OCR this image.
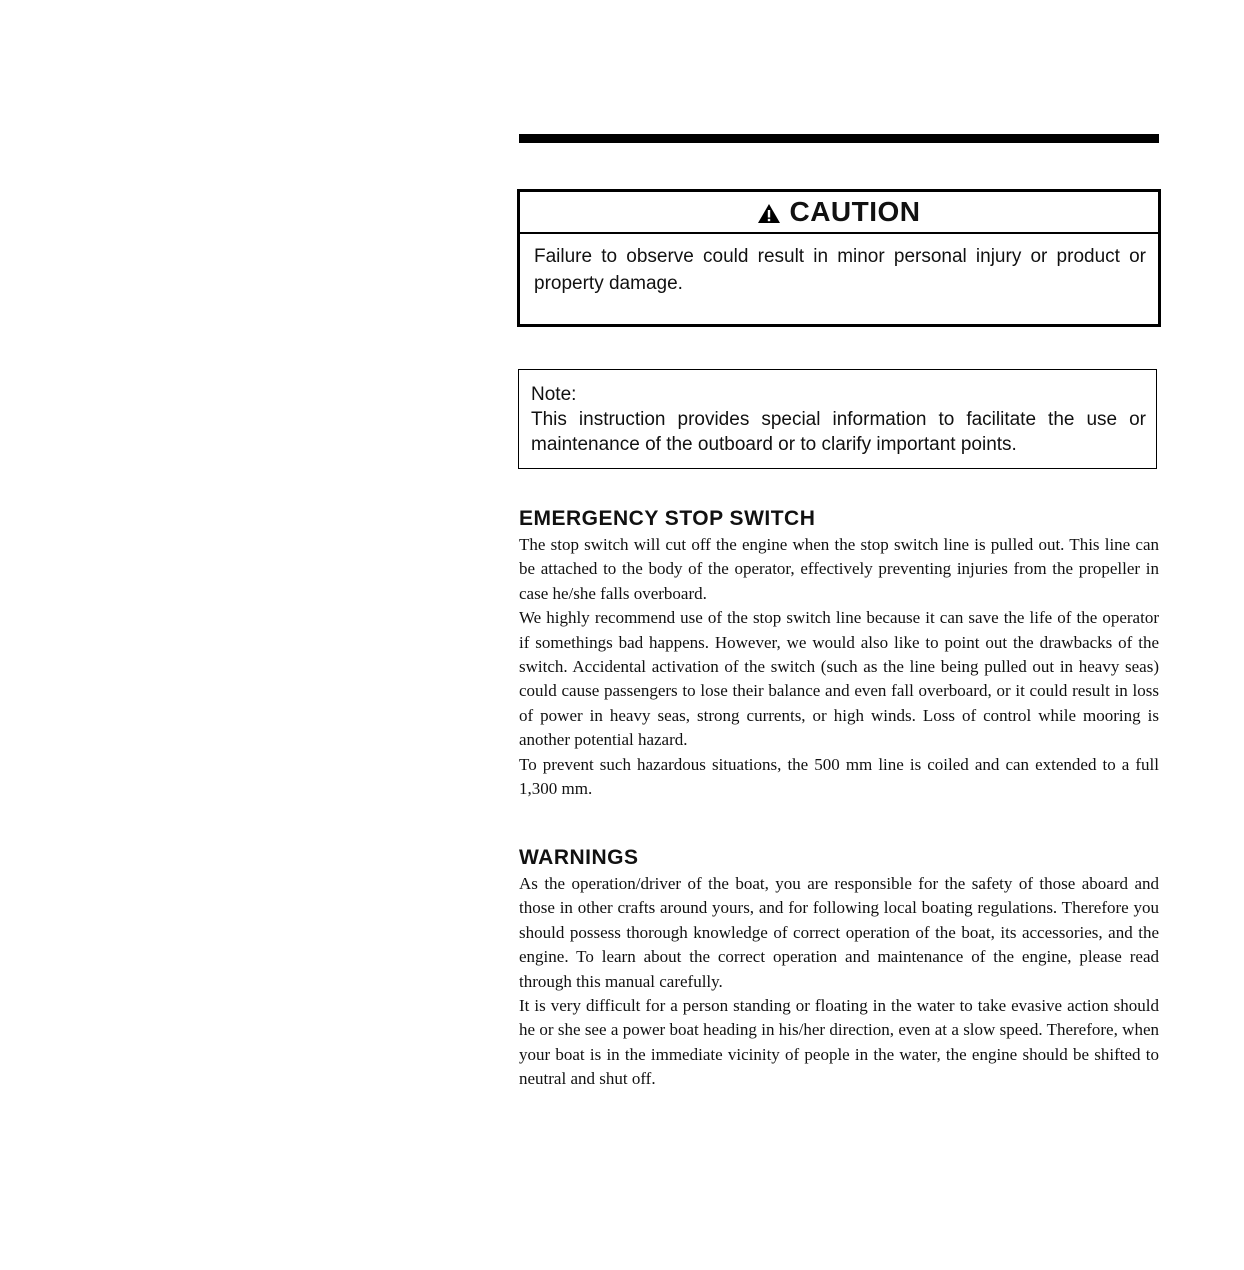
CAUTION
Failure to observe could result in minor personal injury or product or property damage.
Note:
This instruction provides special information to facilitate the use or maintenance of the outboard or to clarify important points.
EMERGENCY STOP SWITCH

The stop switch will cut off the engine when the stop switch line is pulled out. This line can be attached to the body of the operator, effectively preventing injuries from the propeller in case he/she falls overboard.

We highly recommend use of the stop switch line because it can save the life of the operator if somethings bad happens. However, we would also like to point out the drawbacks of the switch. Accidental activation of the switch (such as the line being pulled out in heavy seas) could cause passengers to lose their balance and even fall overboard, or it could result in loss of power in heavy seas, strong currents, or high winds. Loss of control while mooring is another potential hazard.

To prevent such hazardous situations, the 500 mm line is coiled and can extended to a full 1,300 mm.

WARNINGS

As the operation/driver of the boat, you are responsible for the safety of those aboard and those in other crafts around yours, and for following local boating regulations. Therefore you should possess thorough knowledge of correct operation of the boat, its accessories, and the engine. To learn about the correct operation and maintenance of the engine, please read through this manual carefully.

It is very difficult for a person standing or floating in the water to take evasive action should he or she see a power boat heading in his/her direction, even at a slow speed. Therefore, when your boat is in the immediate vicinity of people in the water, the engine should be shifted to neutral and shut off.
